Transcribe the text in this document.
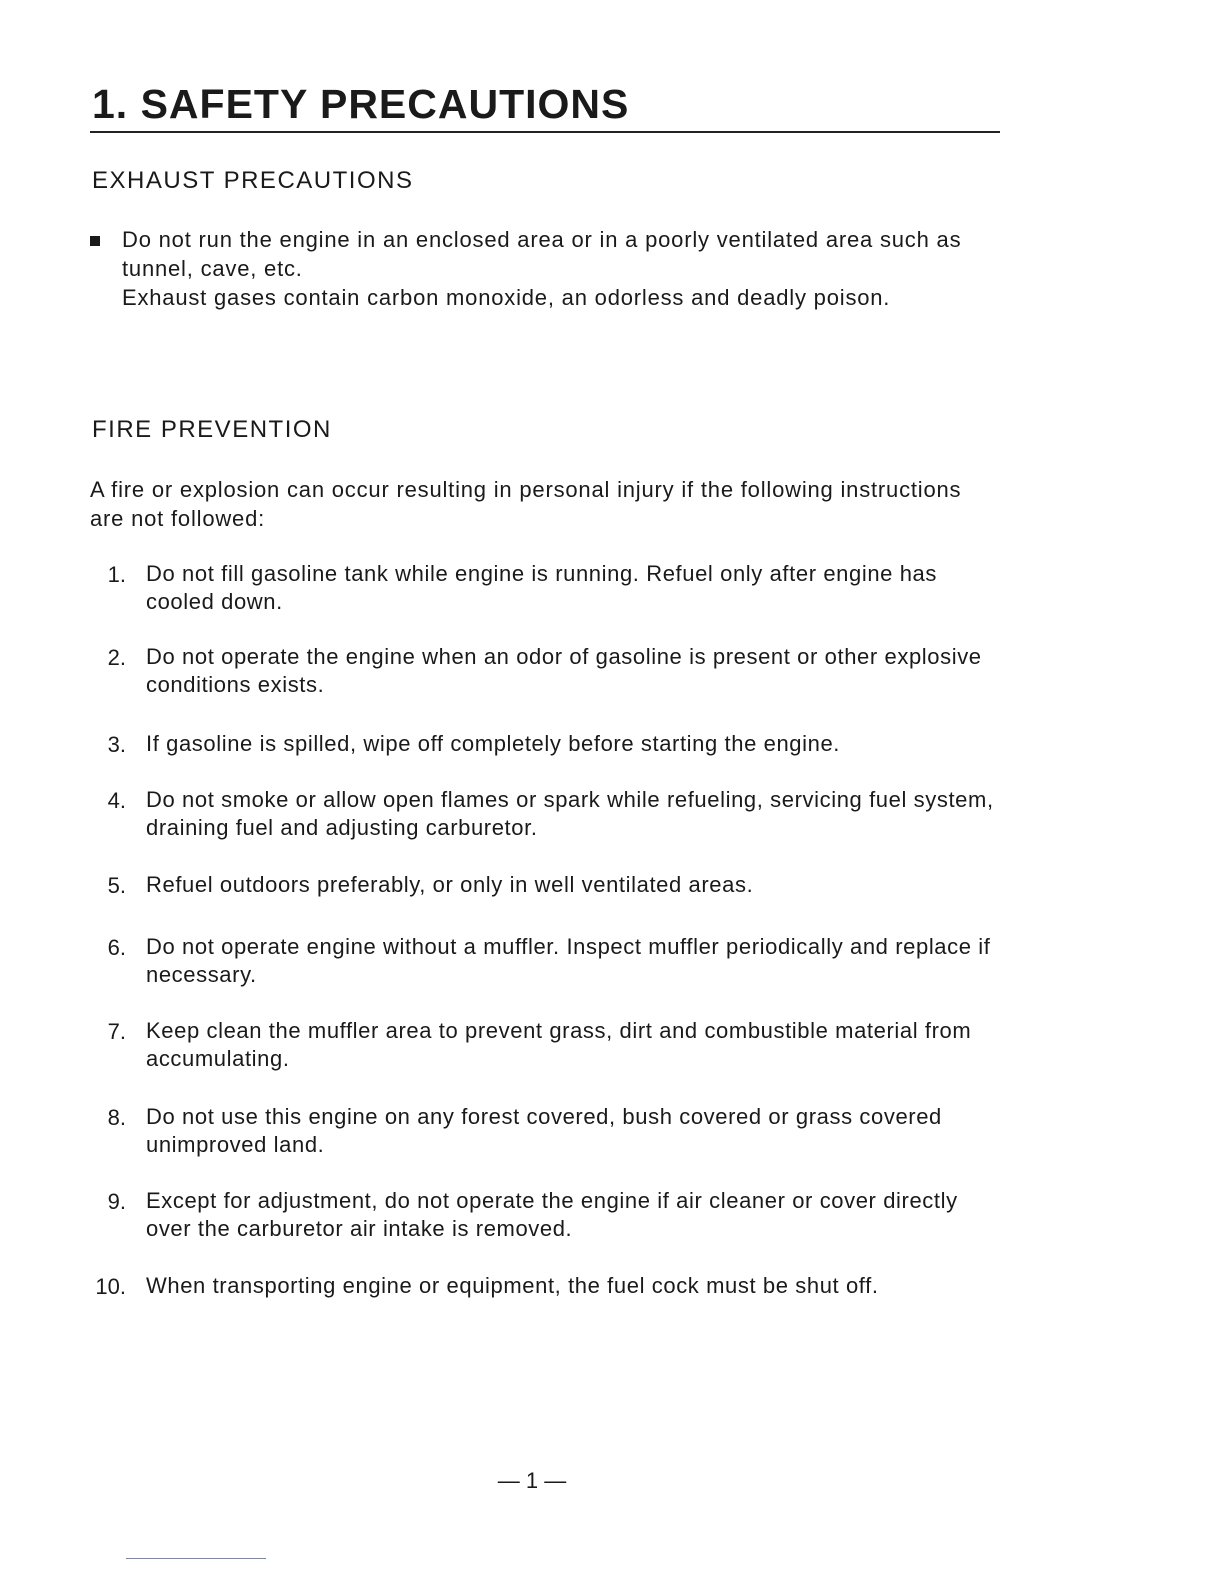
1. SAFETY PRECAUTIONS
EXHAUST PRECAUTIONS
Do not run the engine in an enclosed area or in a poorly ventilated area such as tunnel, cave, etc.
Exhaust gases contain carbon monoxide, an odorless and deadly poison.
FIRE PREVENTION

A fire or explosion can occur resulting in personal injury if the following instructions are not followed:

1. Do not fill gasoline tank while engine is running. Refuel only after engine has cooled down.
2. Do not operate the engine when an odor of gasoline is present or other explosive conditions exists.
3. If gasoline is spilled, wipe off completely before starting the engine.
4. Do not smoke or allow open flames or spark while refueling, servicing fuel system, draining fuel and adjusting carburetor.
5. Refuel outdoors preferably, or only in well ventilated areas.
6. Do not operate engine without a muffler. Inspect muffler periodically and replace if necessary.
7. Keep clean the muffler area to prevent grass, dirt and combustible material from accumulating.
8. Do not use this engine on any forest covered, bush covered or grass covered unimproved land.
9. Except for adjustment, do not operate the engine if air cleaner or cover directly over the carburetor air intake is removed.
10. When transporting engine or equipment, the fuel cock must be shut off.
— 1 —
